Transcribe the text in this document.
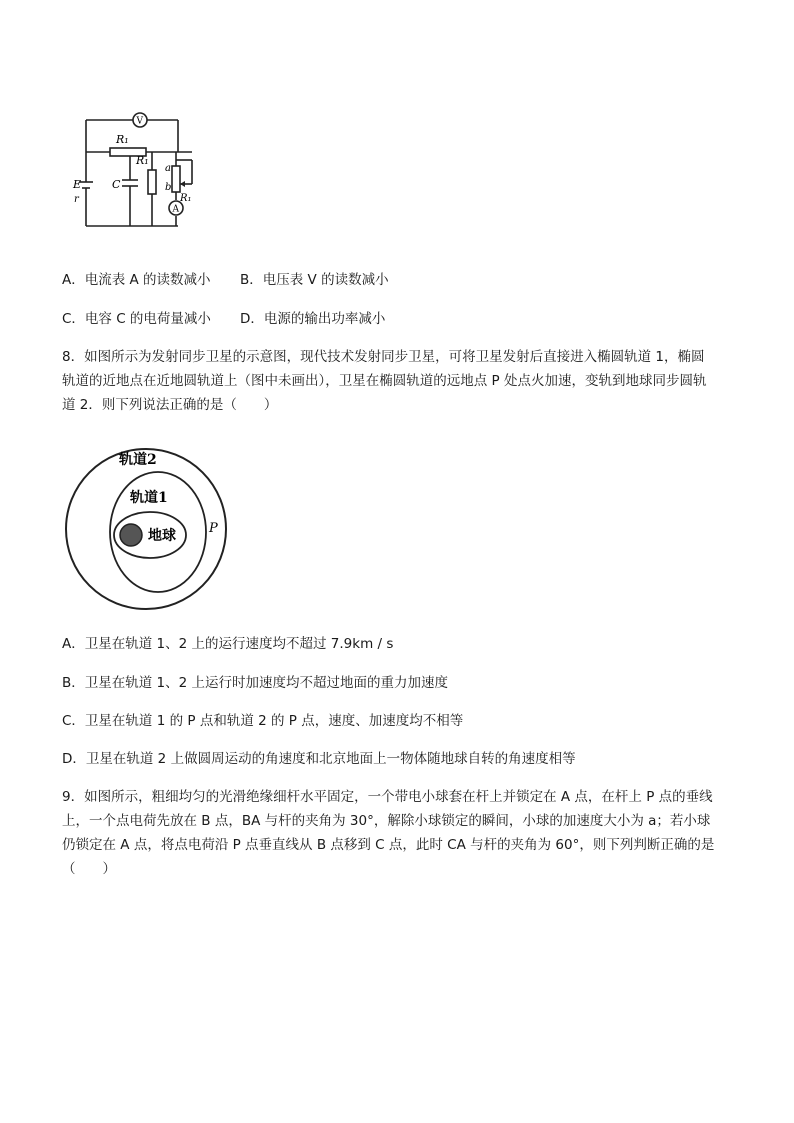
V
A
R₁
R₁
R₁
C
E
r
a
b
A．电流表 A 的读数减小 B．电压表 V 的读数减小
C．电容 C 的电荷量减小 D．电源的输出功率减小
8．如图所示为发射同步卫星的示意图，现代技术发射同步卫星，可将卫星发射后直接进入椭圆轨道 1，椭圆
轨道的近地点在近地圆轨道上（图中未画出），卫星在椭圆轨道的远地点 P 处点火加速，变轨到地球同步圆轨
道 2．则下列说法正确的是（　　）
轨道2
轨道1
地球	P
A．卫星在轨道 1、2 上的运行速度均不超过 7.9km / s
B．卫星在轨道 1、2 上运行时加速度均不超过地面的重力加速度
C．卫星在轨道 1 的 P 点和轨道 2 的 P 点，速度、加速度均不相等
D．卫星在轨道 2 上做圆周运动的角速度和北京地面上一物体随地球自转的角速度相等
9．如图所示，粗细均匀的光滑绝缘细杆水平固定，一个带电小球套在杆上并锁定在 A 点，在杆上 P 点的垂线
上，一个点电荷先放在 B 点，BA 与杆的夹角为 30°，解除小球锁定的瞬间，小球的加速度大小为 a；若小球
仍锁定在 A 点，将点电荷沿 P 点垂直线从 B 点移到 C 点，此时 CA 与杆的夹角为 60°，则下列判断正确的是
（　　）
